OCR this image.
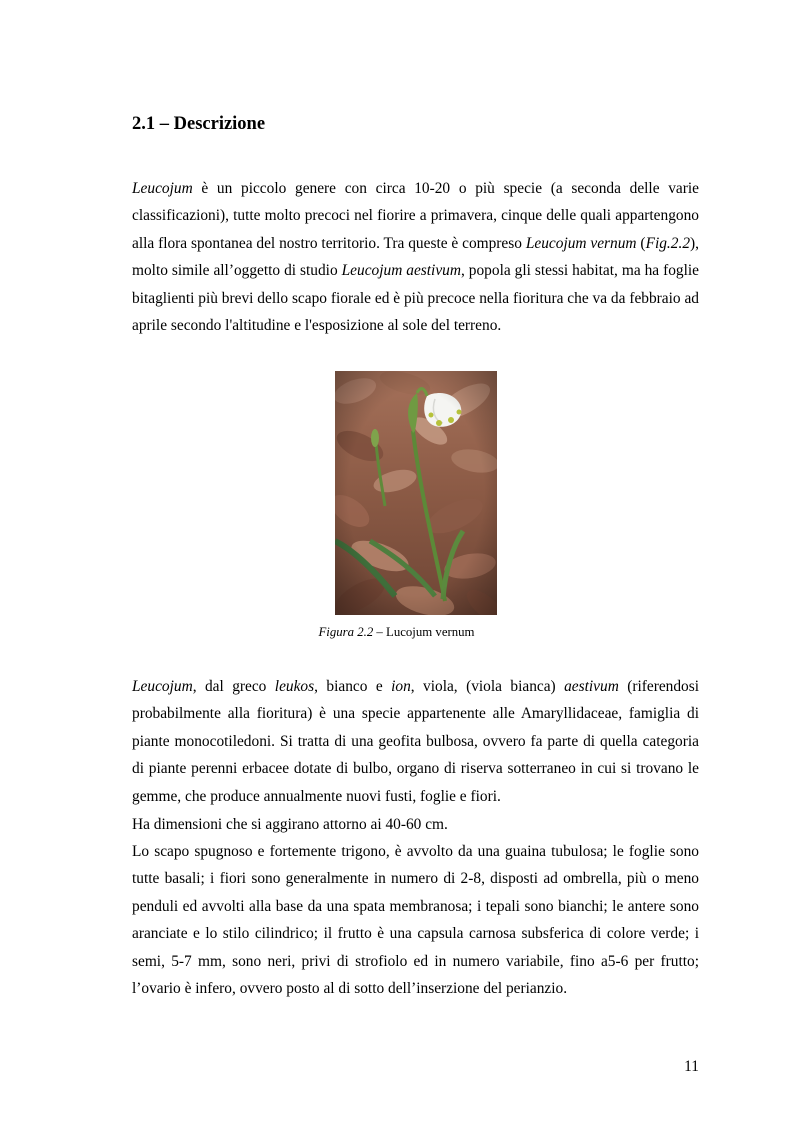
2.1 – Descrizione

Leucojum è un piccolo genere con circa 10-20 o più specie (a seconda delle varie classificazioni), tutte molto precoci nel fiorire a primavera, cinque delle quali appartengono alla flora spontanea del nostro territorio. Tra queste è compreso Leucojum vernum (Fig.2.2), molto simile all’oggetto di studio Leucojum aestivum, popola gli stessi habitat, ma ha foglie bitaglienti più brevi dello scapo fiorale ed è più precoce nella fioritura che va da febbraio ad aprile secondo l'altitudine e l'esposizione al sole del terreno.

Figura 2.2 – Lucojum vernum

Leucojum, dal greco leukos, bianco e ion, viola, (viola bianca) aestivum (riferendosi probabilmente alla fioritura) è una specie appartenente alle Amaryllidaceae, famiglia di piante monocotiledoni. Si tratta di una geofita bulbosa, ovvero fa parte di quella categoria di piante perenni erbacee dotate di bulbo, organo di riserva sotterraneo in cui si trovano le gemme, che produce annualmente nuovi fusti, foglie e fiori.

Ha dimensioni che si aggirano attorno ai 40-60 cm.

Lo scapo spugnoso e fortemente trigono, è avvolto da una guaina tubulosa; le foglie sono tutte basali; i fiori sono generalmente in numero di 2-8, disposti ad ombrella, più o meno penduli ed avvolti alla base da una spata membranosa; i tepali sono bianchi; le antere sono aranciate e lo stilo cilindrico; il frutto è una capsula carnosa subsferica di colore verde; i semi, 5-7 mm, sono neri, privi di strofiolo ed in numero variabile, fino a5-6 per frutto; l’ovario è infero, ovvero posto al di sotto dell’inserzione del perianzio.

11
